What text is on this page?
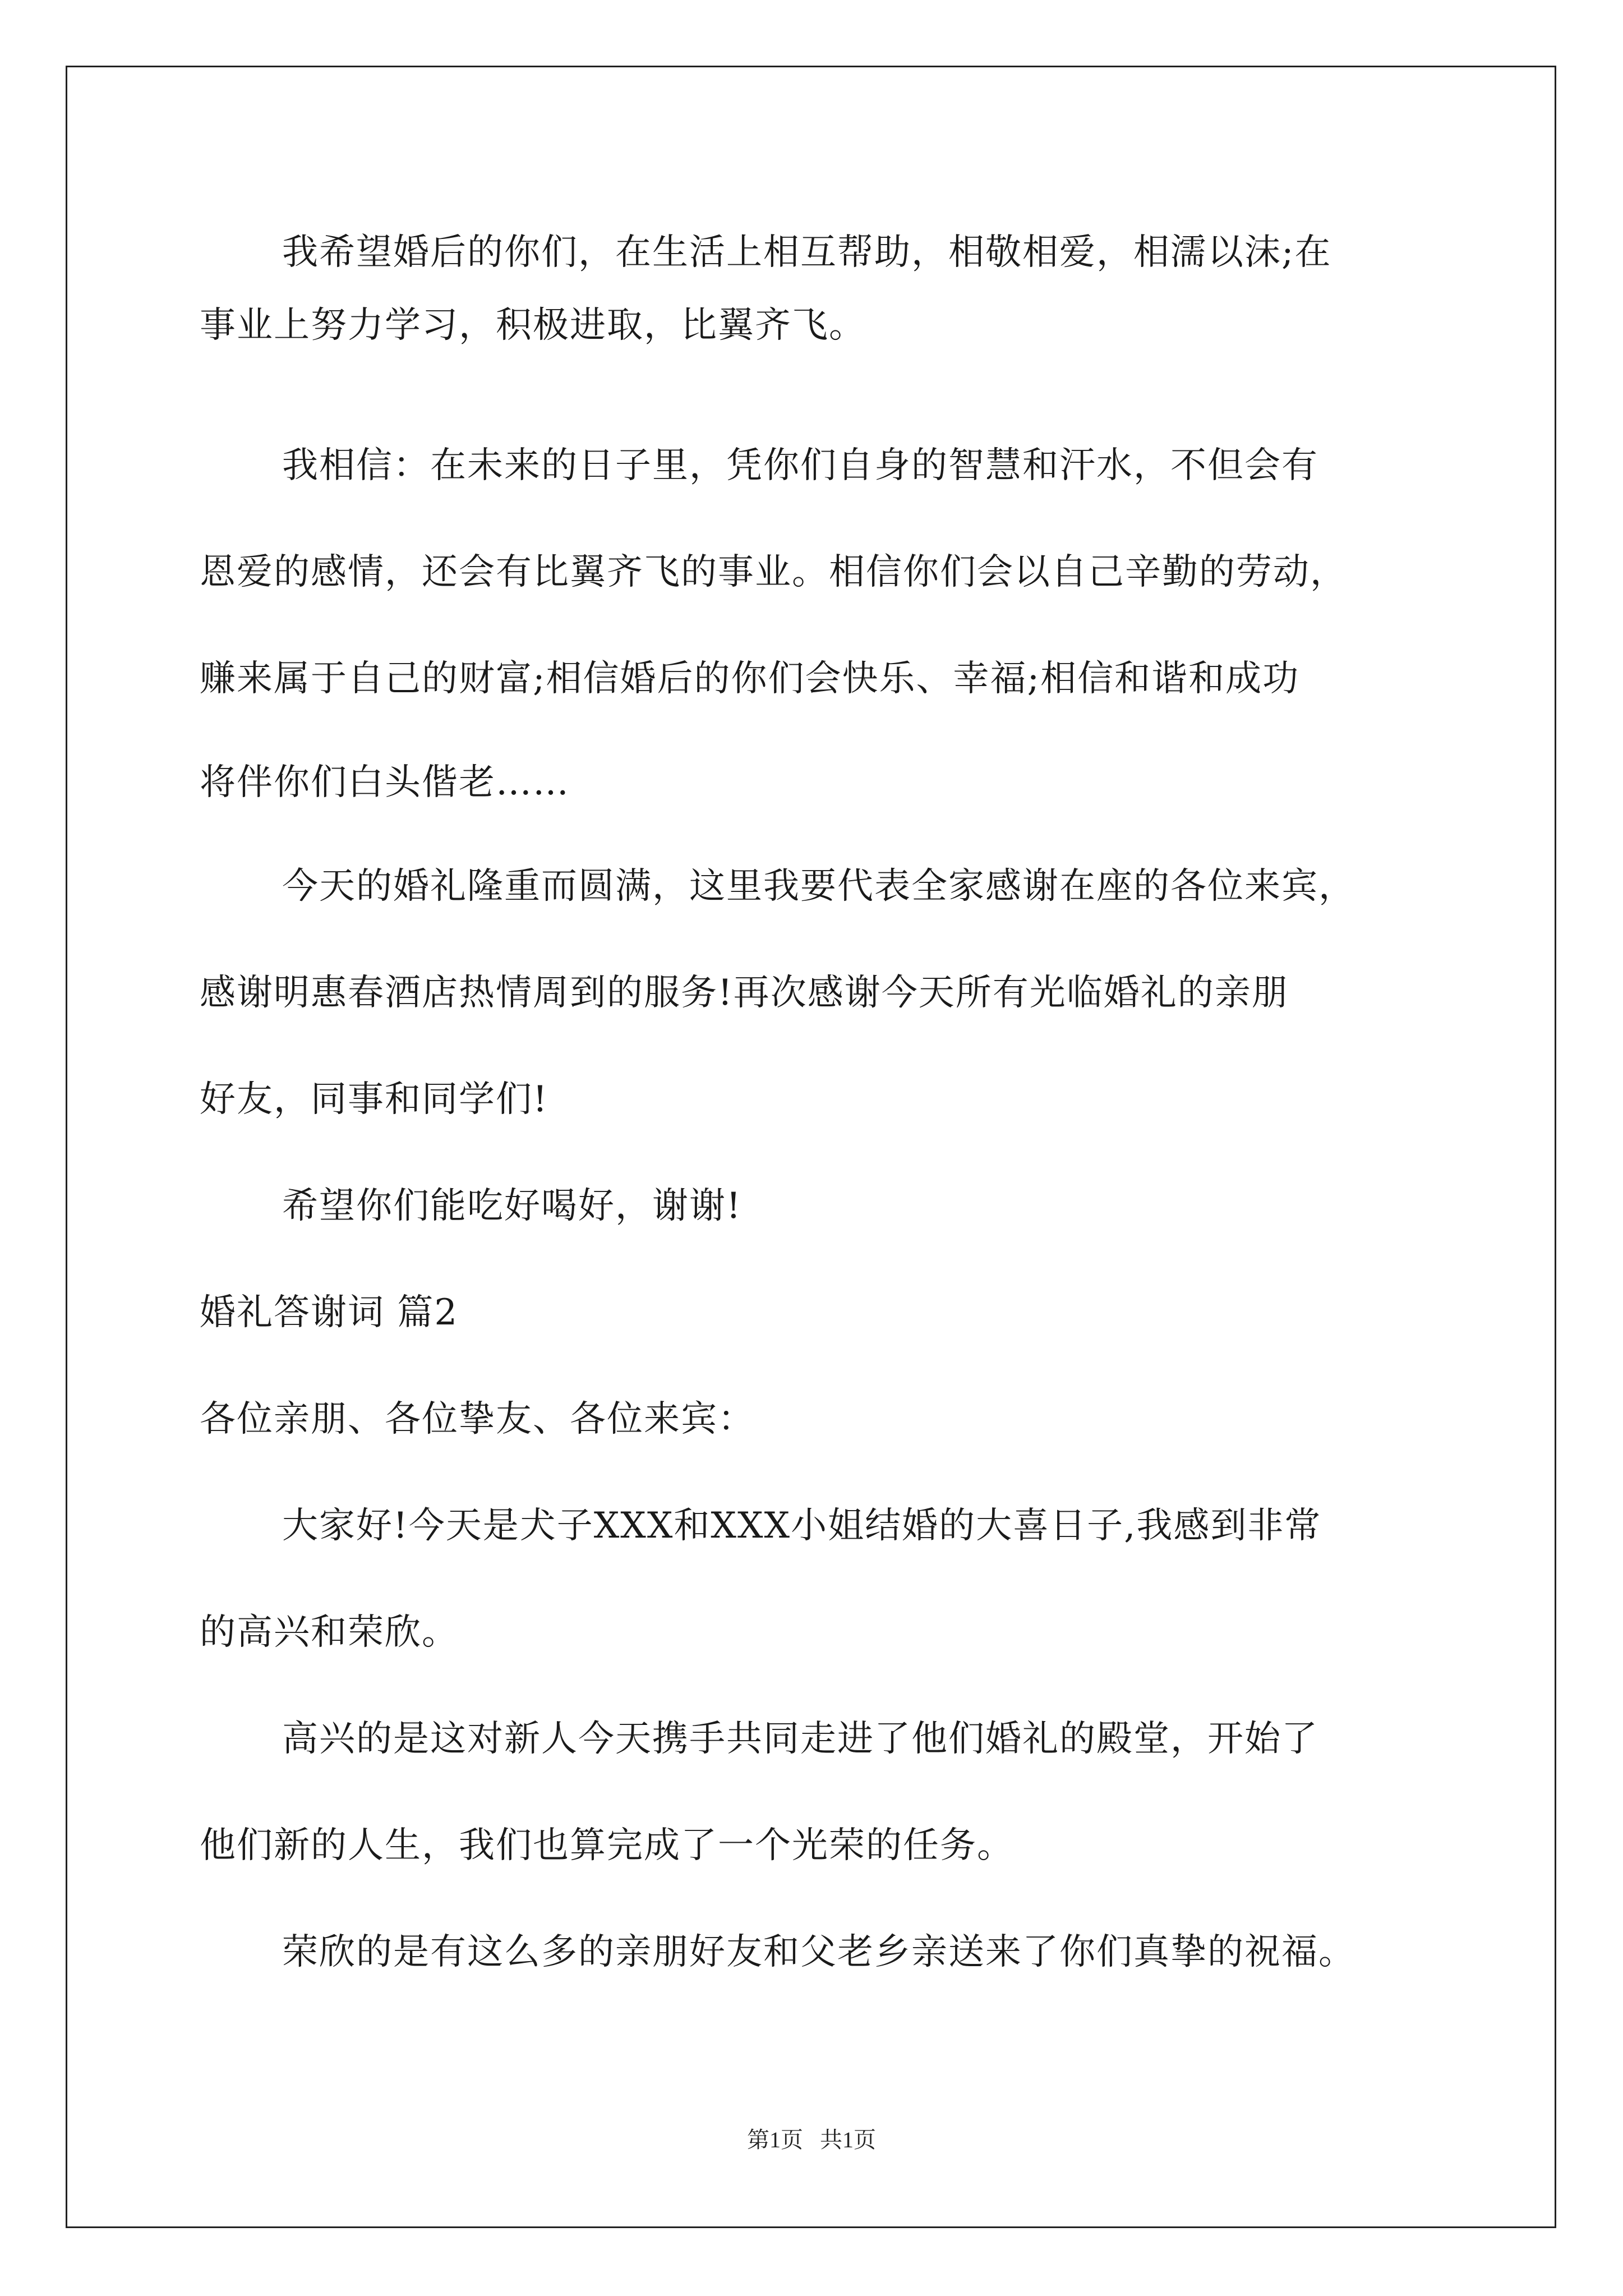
我希望婚后的你们，在生活上相互帮助，相敬相爱，相濡以沫;在

事业上努力学习，积极进取，比翼齐飞。

我相信：在未来的日子里，凭你们自身的智慧和汗水，不但会有

恩爱的感情，还会有比翼齐飞的事业。相信你们会以自己辛勤的劳动，

赚来属于自己的财富;相信婚后的你们会快乐、幸福;相信和谐和成功

将伴你们白头偕老……

今天的婚礼隆重而圆满，这里我要代表全家感谢在座的各位来宾，

感谢明惠春酒店热情周到的服务!再次感谢今天所有光临婚礼的亲朋

好友，同事和同学们!

希望你们能吃好喝好，谢谢!

婚礼答谢词 篇2

各位亲朋、各位挚友、各位来宾：

大家好!今天是犬子XXX和XXX小姐结婚的大喜日子,我感到非常

的高兴和荣欣。

高兴的是这对新人今天携手共同走进了他们婚礼的殿堂，开始了

他们新的人生，我们也算完成了一个光荣的任务。

荣欣的是有这么多的亲朋好友和父老乡亲送来了你们真挚的祝福。

第1页   共1页
